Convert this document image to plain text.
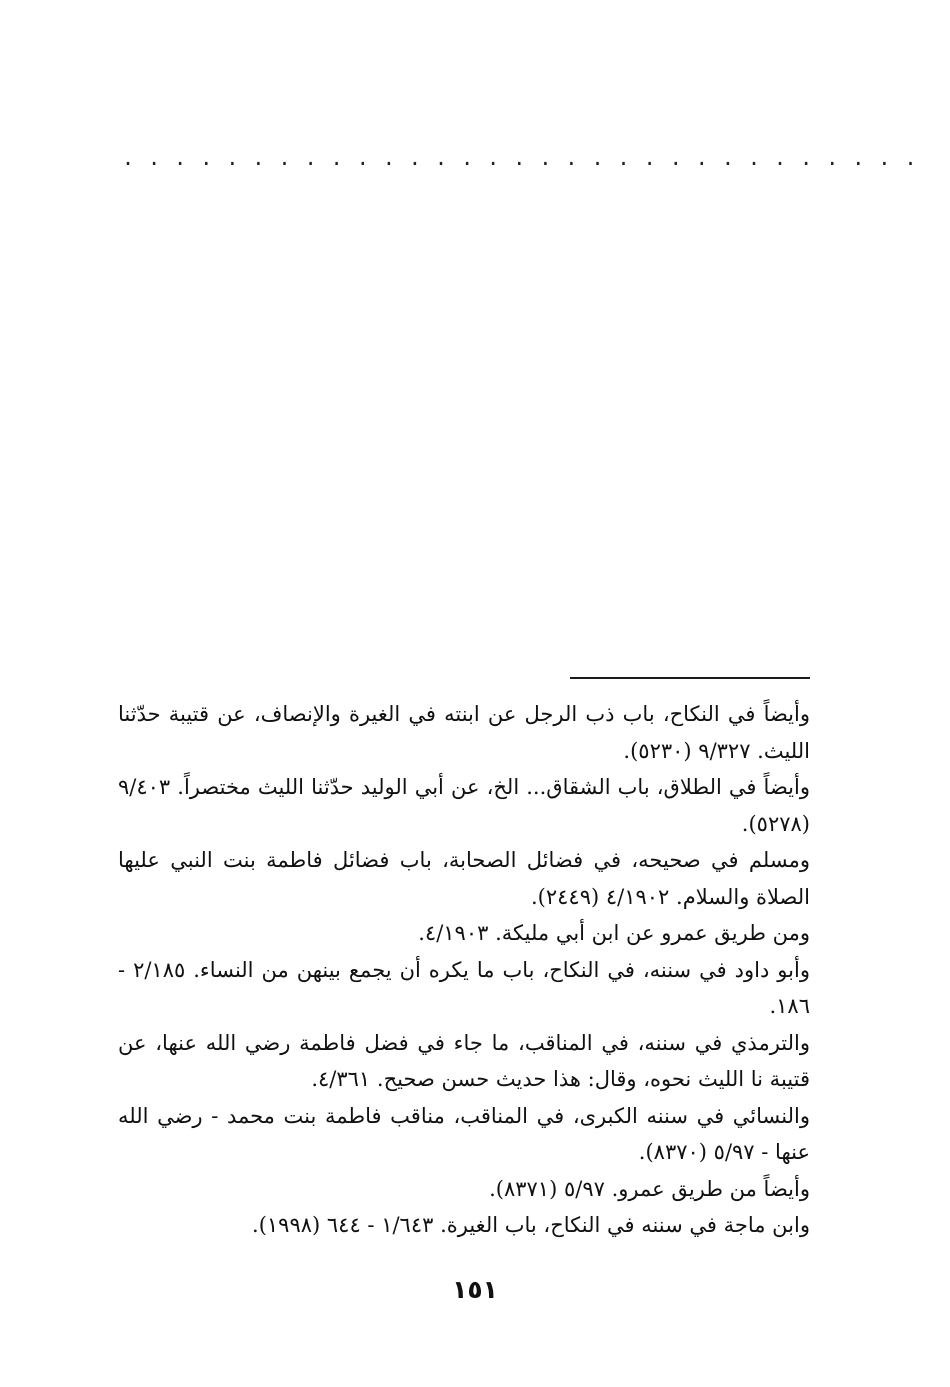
. . . . . . . . . . . . . . . . . . . . . . . . . . . . . . .

وأيضاً في النكاح، باب ذب الرجل عن ابنته في الغيرة والإنصاف، عن قتيبة حدّثنا الليث. ٩/٣٢٧ (٥٢٣٠).

وأيضاً في الطلاق، باب الشقاق... الخ، عن أبي الوليد حدّثنا الليث مختصراً. ٩/٤٠٣ (٥٢٧٨).

ومسلم في صحيحه، في فضائل الصحابة، باب فضائل فاطمة بنت النبي عليها الصلاة والسلام. ٤/١٩٠٢ (٢٤٤٩).

ومن طريق عمرو عن ابن أبي مليكة. ٤/١٩٠٣.

وأبو داود في سننه، في النكاح، باب ما يكره أن يجمع بينهن من النساء. ٢/١٨٥ - ١٨٦.

والترمذي في سننه، في المناقب، ما جاء في فضل فاطمة رضي الله عنها، عن قتيبة نا الليث نحوه، وقال: هذا حديث حسن صحيح. ٤/٣٦١.

والنسائي في سننه الكبرى، في المناقب، مناقب فاطمة بنت محمد - رضي الله عنها - ٥/٩٧ (٨٣٧٠).

وأيضاً من طريق عمرو. ٥/٩٧ (٨٣٧١).

وابن ماجة في سننه في النكاح، باب الغيرة. ١/٦٤٣ - ٦٤٤ (١٩٩٨).

١٥١
